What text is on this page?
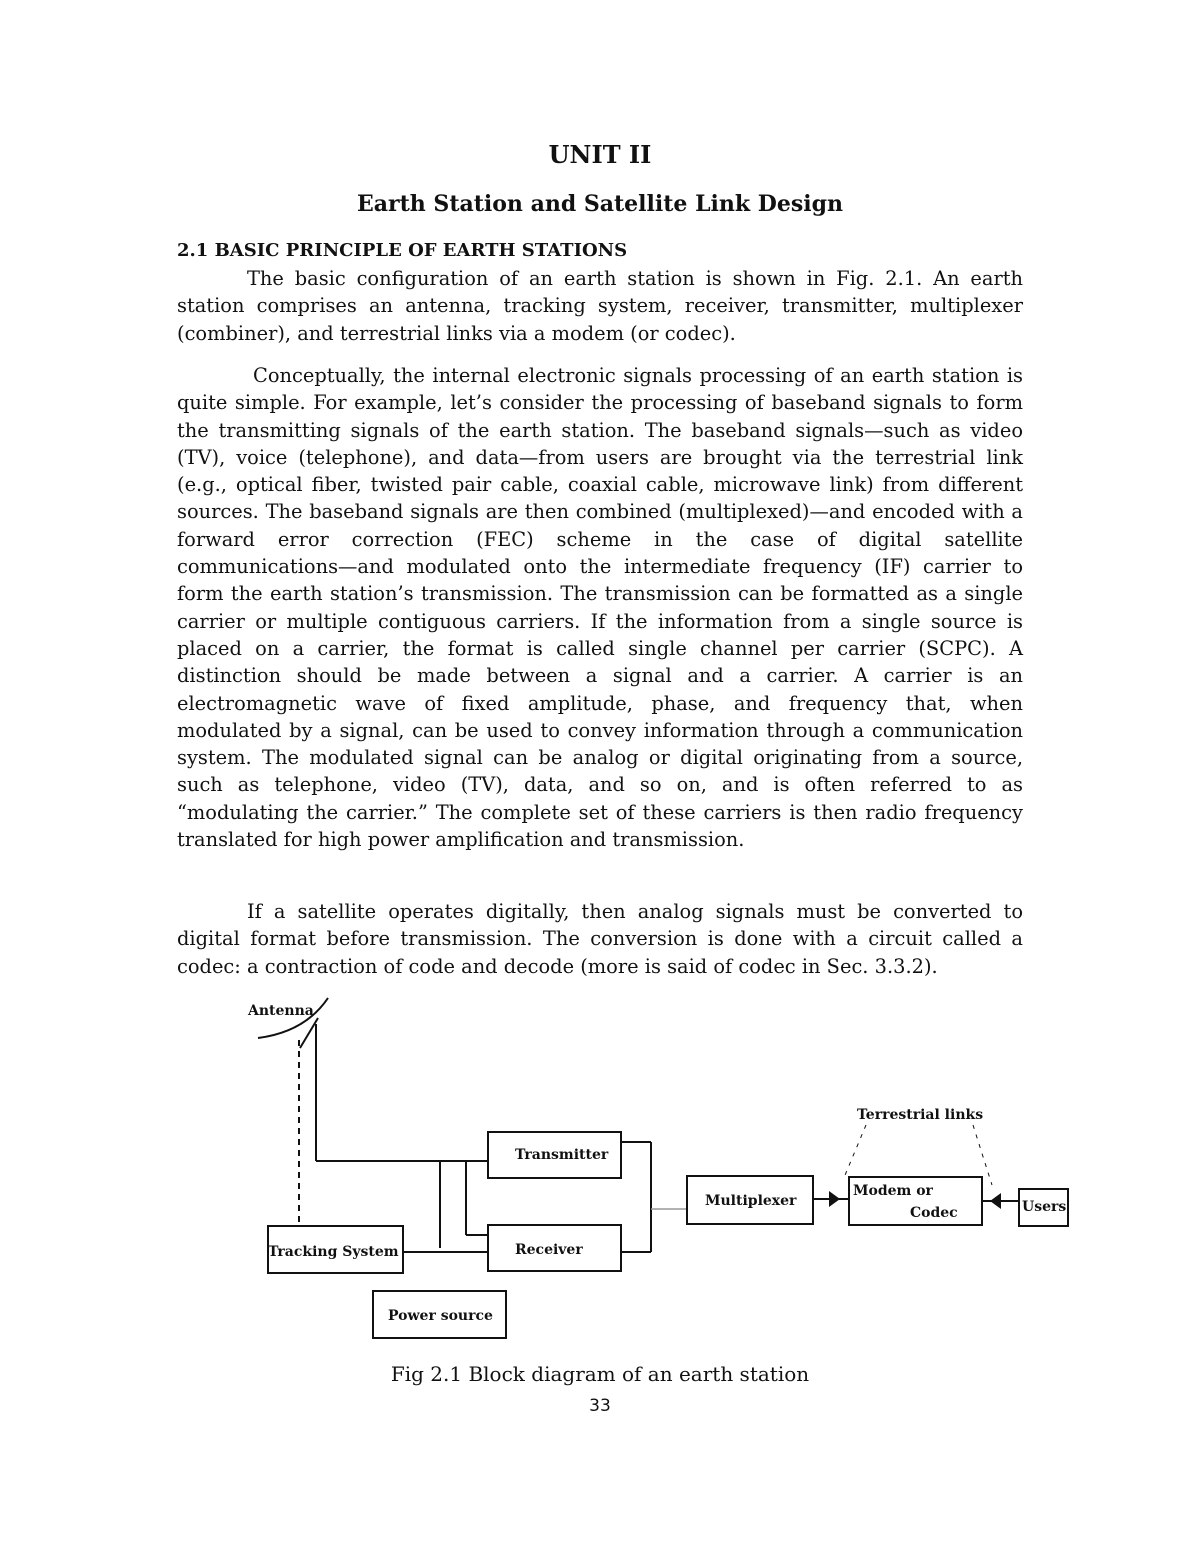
UNIT II
Earth Station and Satellite Link Design
2.1 BASIC PRINCIPLE OF EARTH STATIONS

The basic configuration of an earth station is shown in Fig. 2.1. An earth station comprises an antenna, tracking system, receiver, transmitter, multiplexer (combiner), and terrestrial links via a modem (or codec).

Conceptually, the internal electronic signals processing of an earth station is quite simple. For example, let’s consider the processing of baseband signals to form the transmitting signals of the earth station. The baseband signals—such as video (TV), voice (telephone), and data—from users are brought via the terrestrial link (e.g., optical fiber, twisted pair cable, coaxial cable, microwave link) from different sources. The baseband signals are then combined (multiplexed)—and encoded with a forward error correction (FEC) scheme in the case of digital satellite communications—and modulated onto the intermediate frequency (IF) carrier to form the earth station’s transmission. The transmission can be formatted as a single carrier or multiple contiguous carriers. If the information from a single source is placed on a carrier, the format is called single channel per carrier (SCPC). A distinction should be made between a signal and a carrier. A carrier is an electromagnetic wave of fixed amplitude, phase, and frequency that, when modulated by a signal, can be used to convey information through a communication system. The modulated signal can be analog or digital originating from a source, such as telephone, video (TV), data, and so on, and is often referred to as “modulating the carrier.” The complete set of these carriers is then radio frequency translated for high power amplification and transmission.

If a satellite operates digitally, then analog signals must be converted to digital format before transmission. The conversion is done with a circuit called a codec: a contraction of code and decode (more is said of codec in Sec. 3.3.2).

Antenna
Terrestrial links
Transmitter
Receiver
Tracking System
Power source
Multiplexer
Modem or
Codec	Users
Fig 2.1 Block diagram of an earth station
33
